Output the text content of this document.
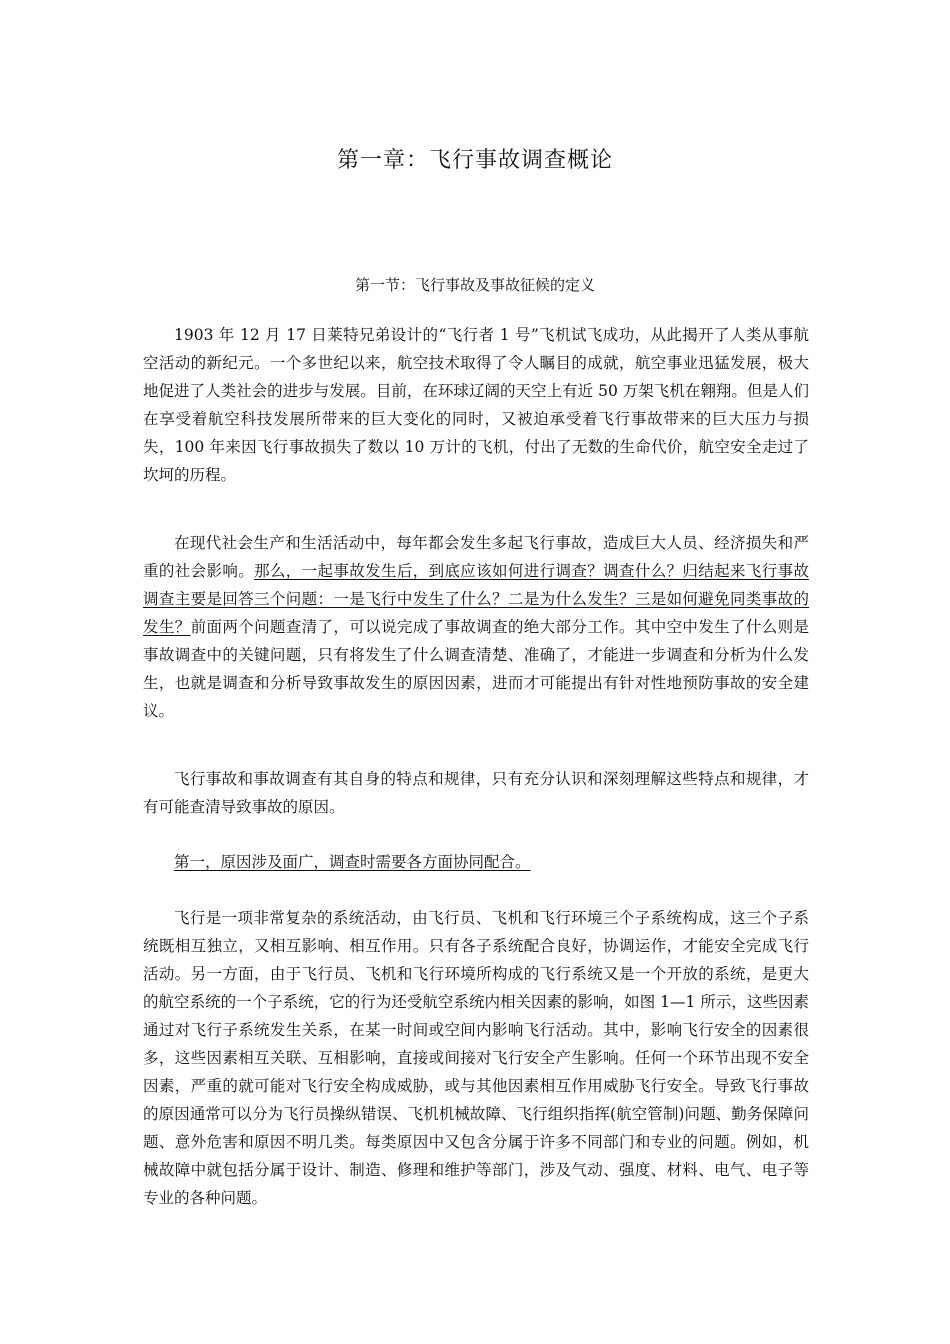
第一章：飞行事故调查概论
第一节：飞行事故及事故征候的定义

1903 年 12 月 17 日莱特兄弟设计的“飞行者 1 号”飞机试飞成功，从此揭开了人类从事航空活动的新纪元。一个多世纪以来，航空技术取得了令人瞩目的成就，航空事业迅猛发展，极大地促进了人类社会的进步与发展。目前，在环球辽阔的天空上有近 50 万架飞机在翱翔。但是人们在享受着航空科技发展所带来的巨大变化的同时，又被迫承受着飞行事故带来的巨大压力与损失，100 年来因飞行事故损失了数以 10 万计的飞机，付出了无数的生命代价，航空安全走过了坎坷的历程。

在现代社会生产和生活活动中，每年都会发生多起飞行事故，造成巨大人员、经济损失和严重的社会影响。那么，一起事故发生后，到底应该如何进行调查？调查什么？归结起来飞行事故调查主要是回答三个问题：一是飞行中发生了什么？二是为什么发生？三是如何避免同类事故的发生？前面两个问题查清了，可以说完成了事故调查的绝大部分工作。其中空中发生了什么则是事故调查中的关键问题，只有将发生了什么调查清楚、准确了，才能进一步调查和分析为什么发生，也就是调查和分析导致事故发生的原因因素，进而才可能提出有针对性地预防事故的安全建议。

飞行事故和事故调查有其自身的特点和规律，只有充分认识和深刻理解这些特点和规律，才有可能查清导致事故的原因。

第一，原因涉及面广，调查时需要各方面协同配合。

飞行是一项非常复杂的系统活动，由飞行员、飞机和飞行环境三个子系统构成，这三个子系统既相互独立，又相互影响、相互作用。只有各子系统配合良好，协调运作，才能安全完成飞行活动。另一方面，由于飞行员、飞机和飞行环境所构成的飞行系统又是一个开放的系统，是更大的航空系统的一个子系统，它的行为还受航空系统内相关因素的影响，如图 1—1 所示，这些因素通过对飞行子系统发生关系，在某一时间或空间内影响飞行活动。其中，影响飞行安全的因素很多，这些因素相互关联、互相影响，直接或间接对飞行安全产生影响。任何一个环节出现不安全因素，严重的就可能对飞行安全构成威胁，或与其他因素相互作用威胁飞行安全。导致飞行事故的原因通常可以分为飞行员操纵错误、飞机机械故障、飞行组织指挥(航空管制)问题、勤务保障问题、意外危害和原因不明几类。每类原因中又包含分属于许多不同部门和专业的问题。例如，机械故障中就包括分属于设计、制造、修理和维护等部门，涉及气动、强度、材料、电气、电子等专业的各种问题。
